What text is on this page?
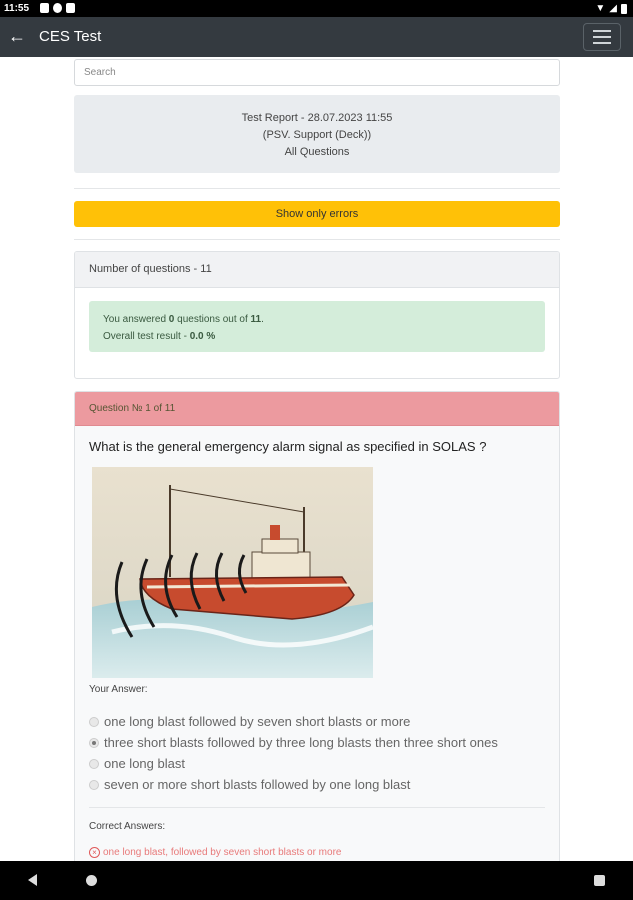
11:55	▼ ◢
← CES Test
Search
Test Report - 28.07.2023 11:55
(PSV. Support (Deck))
All Questions
Show only errors
Number of questions - 11
You answered 0 questions out of 11.
Overall test result - 0.0 %
Question № 1 of 11
What is the general emergency alarm signal as specified in SOLAS ?
Your Answer:
one long blast followed by seven short blasts or more
three short blasts followed by three long blasts then three short ones
one long blast
seven or more short blasts followed by one long blast
Correct Answers:
× one long blast, followed by seven short blasts or more
